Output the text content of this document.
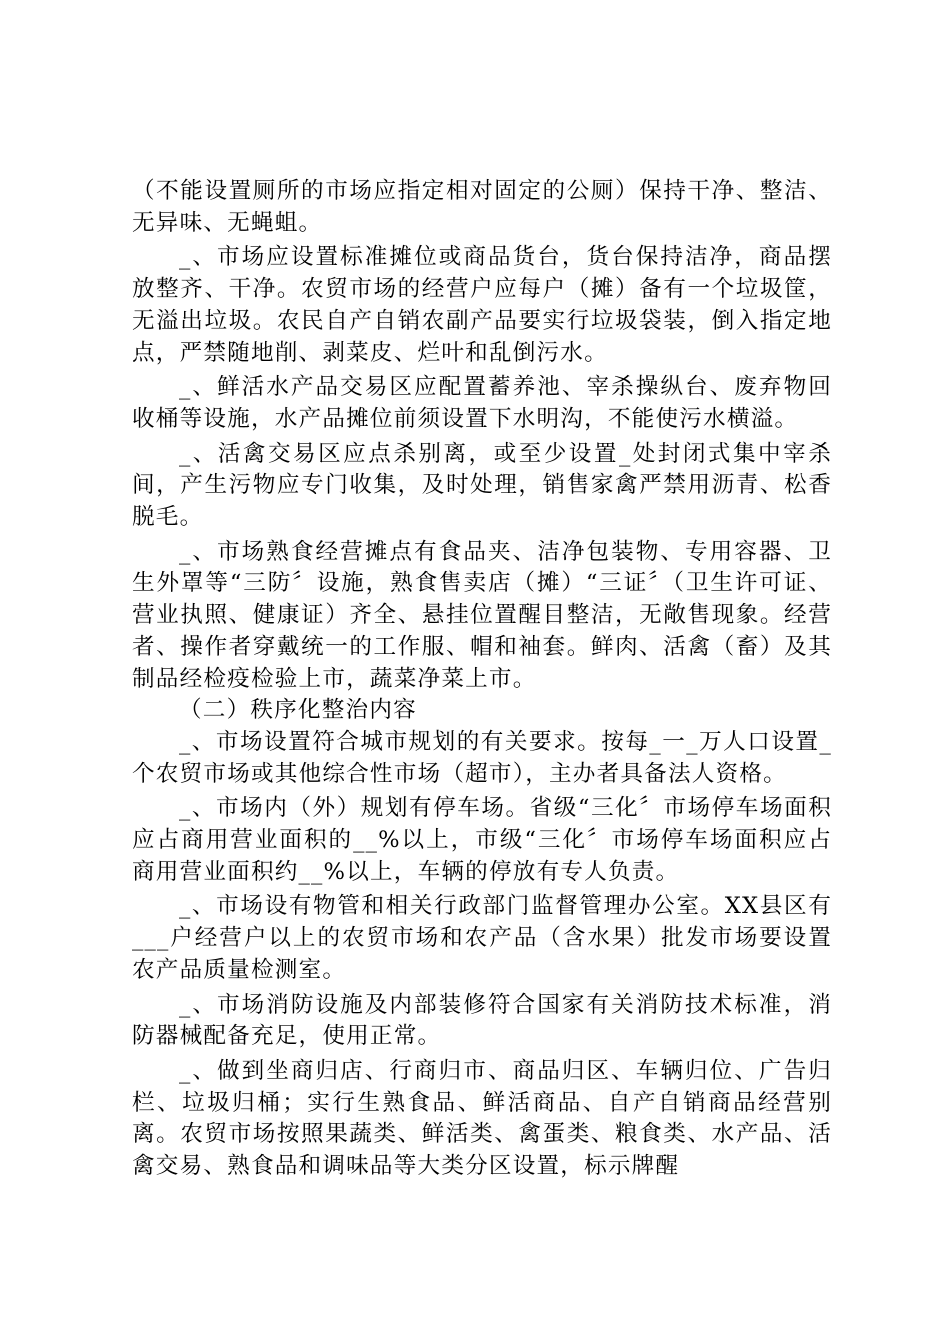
（不能设置厕所的市场应指定相对固定的公厕）保持干净、整洁、无异味、无蝇蛆。

_、市场应设置标准摊位或商品货台，货台保持洁净，商品摆放整齐、干净。农贸市场的经营户应每户（摊）备有一个垃圾筐，无溢出垃圾。农民自产自销农副产品要实行垃圾袋装，倒入指定地点，严禁随地削、剥菜皮、烂叶和乱倒污水。

_、鲜活水产品交易区应配置蓄养池、宰杀操纵台、废弃物回收桶等设施，水产品摊位前须设置下水明沟，不能使污水横溢。

_、活禽交易区应点杀别离，或至少设置_处封闭式集中宰杀间，产生污物应专门收集，及时处理，销售家禽严禁用沥青、松香脱毛。

_、市场熟食经营摊点有食品夹、洁净包装物、专用容器、卫生外罩等“三防〞设施，熟食售卖店（摊）“三证〞（卫生许可证、营业执照、健康证）齐全、悬挂位置醒目整洁，无敞售现象。经营者、操作者穿戴统一的工作服、帽和袖套。鲜肉、活禽（畜）及其制品经检疫检验上市，蔬菜净菜上市。

（二）秩序化整治内容

_、市场设置符合城市规划的有关要求。按每_一_万人口设置_个农贸市场或其他综合性市场（超市），主办者具备法人资格。

_、市场内（外）规划有停车场。省级“三化〞市场停车场面积应占商用营业面积的__%以上，市级“三化〞市场停车场面积应占商用营业面积约__%以上，车辆的停放有专人负责。

_、市场设有物管和相关行政部门监督管理办公室。XX县区有___户经营户以上的农贸市场和农产品（含水果）批发市场要设置农产品质量检测室。

_、市场消防设施及内部装修符合国家有关消防技术标准，消防器械配备充足，使用正常。

_、做到坐商归店、行商归市、商品归区、车辆归位、广告归栏、垃圾归桶；实行生熟食品、鲜活商品、自产自销商品经营别离。农贸市场按照果蔬类、鲜活类、禽蛋类、粮食类、水产品、活禽交易、熟食品和调味品等大类分区设置，标示牌醒
